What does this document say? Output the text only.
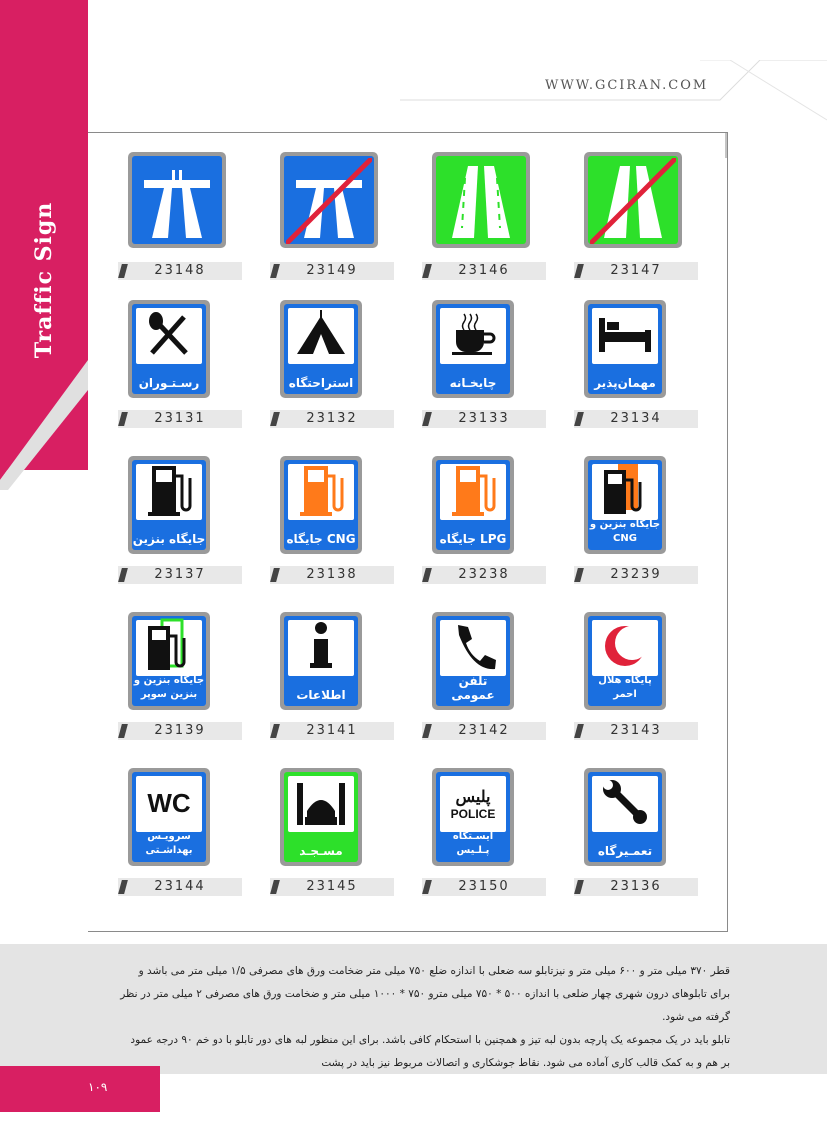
Traffic Sign
WWW.GCIRAN.COM
23148	23149	23146	23147
رسـتـوران
23131
استراحتگاه
23132
چایخـانه
23133
مهمان‌پذیر
23134
جایگاه بنزین
23137
جایگاه CNG
23138
جایگاه LPG
23238
جایگاه بنزین و CNG
23239
جایگاه بنزین و بنزین سوپر
23139
اطلاعات
23141
تلفن عمومی
23142
پایگاه هلال احمر
23143
WC
سرویـس بهداشـتی
23144
مسـجـد
23145
پلیس
POLICE
ایسـتگاه پـلـیس
23150
تعمـیرگاه
23136
قطر ۳۷۰ میلی متر و ۶۰۰ میلی متر و نیزتابلو سه ضعلی با اندازه ضلع ۷۵۰ میلی متر ضخامت ورق های مصرفی ۱/۵ میلی متر می باشد و برای تابلوهای درون شهری چهار ضلعی با اندازه ۵۰۰ * ۷۵۰ میلی مترو ۷۵۰ * ۱۰۰۰ میلی متر و ضخامت ورق های مصرفی ۲ میلی متر در نظر گرفته می شود.
تابلو باید در یک مجموعه یک پارچه بدون لبه تیز و همچنین با استحکام کافی باشد. برای این منظور لبه های دور تابلو با دو خم ۹۰ درجه عمود بر هم و به کمک قالب کاری آماده می شود. نقاط جوشکاری و اتصالات مربوط نیز باید در پشت
۱۰۹
